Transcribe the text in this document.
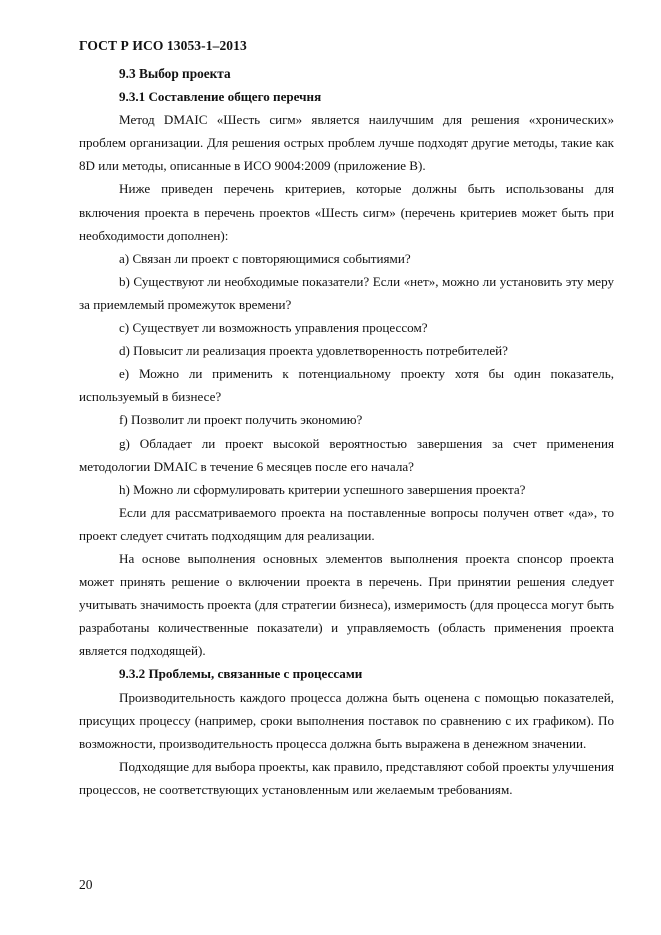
ГОСТ Р ИСО 13053-1–2013
9.3 Выбор проекта
9.3.1 Составление общего перечня

Метод DMAIC «Шесть сигм» является наилучшим для решения «хронических» проблем организации. Для решения острых проблем лучше подходят другие методы, такие как 8D или методы, описанные в ИСО 9004:2009 (приложение В).

Ниже приведен перечень критериев, которые должны быть использованы для включения проекта в перечень проектов «Шесть сигм» (перечень критериев может быть при необходимости дополнен):

a) Связан ли проект с повторяющимися событиями?

b) Существуют ли необходимые показатели? Если «нет», можно ли установить эту меру за приемлемый промежуток времени?

c) Существует ли возможность управления процессом?

d) Повысит ли реализация проекта удовлетворенность потребителей?

e) Можно ли применить к потенциальному проекту хотя бы один показатель, используемый в бизнесе?

f) Позволит ли проект получить экономию?

g) Обладает ли проект высокой вероятностью завершения за счет применения методологии DMAIC в течение 6 месяцев после его начала?

h) Можно ли сформулировать критерии успешного завершения проекта?

Если для рассматриваемого проекта на поставленные вопросы получен ответ «да», то проект следует считать подходящим для реализации.

На основе выполнения основных элементов выполнения проекта спонсор проекта может принять решение о включении проекта в перечень. При принятии решения следует учитывать значимость проекта (для стратегии бизнеса), измеримость (для процесса могут быть разработаны количественные показатели) и управляемость (область применения проекта является подходящей).

9.3.2 Проблемы, связанные с процессами

Производительность каждого процесса должна быть оценена с помощью показателей, присущих процессу (например, сроки выполнения поставок по сравнению с их графиком). По возможности, производительность процесса должна быть выражена в денежном значении.

Подходящие для выбора проекты, как правило, представляют собой проекты улучшения процессов, не соответствующих установленным или желаемым требованиям.

20
